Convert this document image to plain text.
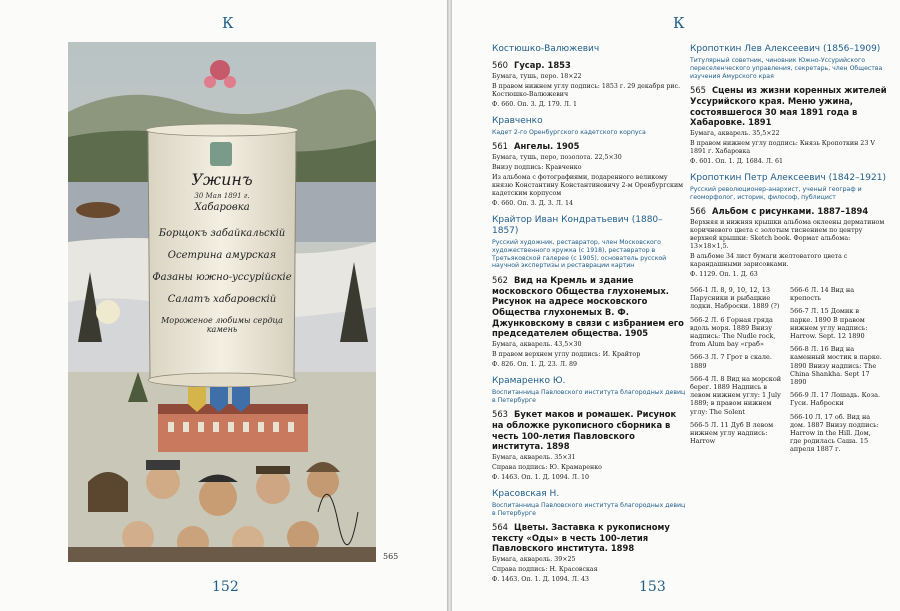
К
Ужинъ
30 Мая 1891 г.
Хабаровка
Борщокъ забайкальскій
Осетрина амурская
Фазаны южно-уссурійскіе
Салатъ хабаровскій
Мороженое любимы сердца камень
565
152
К
Костюшко-Валюжевич
560 Гусар. 1853
Бумага, тушь, перо. 18×22
В правом нижнем углу подпись: 1853 г. 29 декабря рис. Костюшко-Валюжевич
Ф. 660. Оп. 3. Д. 179. Л. 1
Кравченко
Кадет 2-го Оренбургского кадетского корпуса
561 Ангелы. 1905
Бумага, тушь, перо, позолота. 22,5×30
Внизу подпись: Кравченко
Из альбома с фотографиями, подаренного великому князю Константину Константиновичу 2-м Оренбургским кадетским корпусом
Ф. 660. Оп. 3. Д. 3. Л. 14
Крайтор Иван Кондратьевич (1880–1857)
Русский художник, реставратор, член Московского художественного кружка (с 1918), реставратор в Третьяковской галерее (с 1905), основатель русской научной экспертизы и реставрации картин
562 Вид на Кремль и здание московского Общества глухонемых. Рисунок на адресе московского Общества глухонемых В. Ф. Джунковскому в связи с избранием его председателем общества. 1905
Бумага, акварель. 43,5×30
В правом верхнем углу подпись: И. Крайтор
Ф. 826. Оп. 1. Д. 23. Л. 89
Крамаренко Ю.
Воспитанница Павловского института благородных девиц в Петербурге
563 Букет маков и ромашек. Рисунок на обложке рукописного сборника в честь 100-летия Павловского института. 1898
Бумага, акварель. 35×31
Справа подпись: Ю. Крамаренко
Ф. 1463. Оп. 1. Д. 1094. Л. 10
Красовская Н.
Воспитанница Павловского института благородных девиц в Петербурге
564 Цветы. Заставка к рукописному тексту «Оды» в честь 100-летия Павловского института. 1898
Бумага, акварель. 39×25
Справа подпись: Н. Красовская
Ф. 1463. Оп. 1. Д. 1094. Л. 43
Кропоткин Лев Алексеевич (1856–1909)
Титулярный советник, чиновник Южно-Уссурийского переселенческого управления, секретарь, член Общества изучения Амурского края
565 Сцены из жизни коренных жителей Уссурийского края. Меню ужина, состоявшегося 30 мая 1891 года в Хабаровке. 1891
Бумага, акварель. 35,5×22
В правом нижнем углу подпись: Князь Кропоткин 23 V 1891 г. Хабаровка
Ф. 601. Оп. 1. Д. 1684. Л. 61
Кропоткин Петр Алексеевич (1842–1921)
Русский революционер-анархист, ученый географ и геоморфолог, историк, философ, публицист
566 Альбом с рисунками. 1887–1894
Верхняя и нижняя крышки альбома оклеены дерматином коричневого цвета с золотым тиснением по центру верхней крышки: Sketch book. Формат альбома: 13×18×1,5.
В альбоме 34 лист бумаги желтоватого цвета с карандашными зарисовками.
Ф. 1129. Оп. 1. Д. 63
566-1 Л. 8, 9, 10, 12, 13 Парусники и рыбацкие лодки. Наброски. 1889 (?)
566-2 Л. 6 Горная гряда вдоль моря. 1889 Внизу надпись: The Nudle rock, from Alum bay «граб»
566-3 Л. 7 Грот в скале. 1889
566-4 Л. 8 Вид на морской берег. 1889 Надпись в левом нижнем углу: 1 July 1889; в правом нижнем углу: The Solent
566-5 Л. 11 Дуб В левом нижнем углу надпись: Harrow
566-6 Л. 14 Вид на крепость
566-7 Л. 15 Домик в парке. 1890 В правом нижнем углу надпись: Harrow. Sept. 12 1890
566-8 Л. 16 Вид на каменный мостик в парке. 1890 Внизу надпись: The China Shankha. Sept 17 1890
566-9 Л. 17 Лошадь. Коза. Гуси. Наброски
566-10 Л. 17 об. Вид на дом. 1887 Внизу подпись: Harrow in the Hill. Дом, где родилась Саша. 15 апреля 1887 г.
153
